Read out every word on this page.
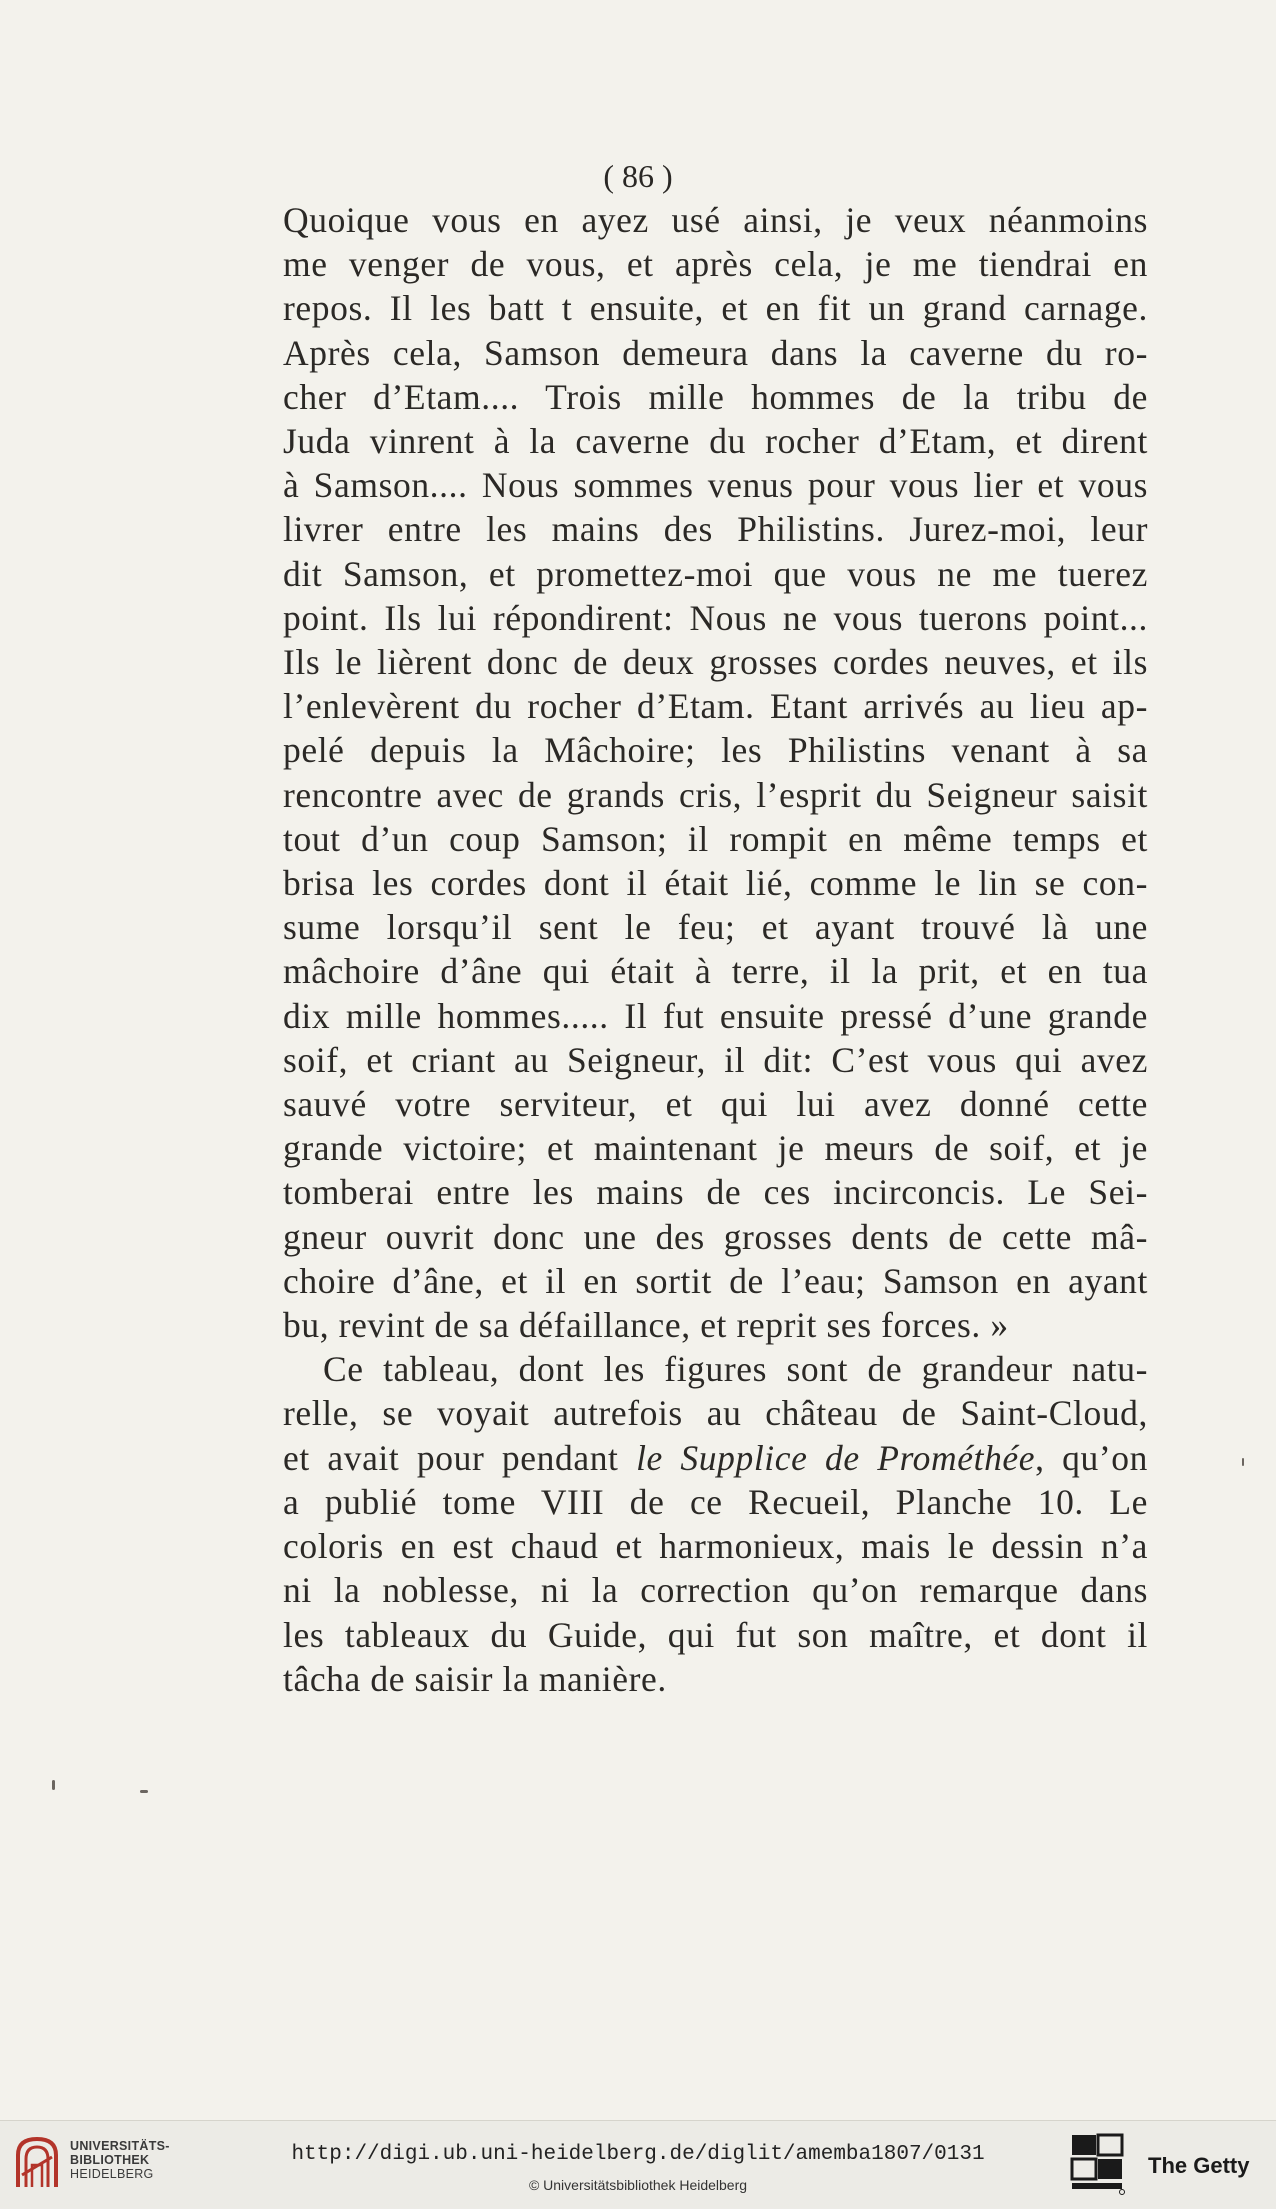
( 86 )
Quoique vous en ayez usé ainsi, je veux néanmoins
me venger de vous, et après cela, je me tiendrai en
repos. Il les batt t ensuite, et en fit un grand carnage.
Après cela, Samson demeura dans la caverne du ro-
cher d’Etam.... Trois mille hommes de la tribu de
Juda vinrent à la caverne du rocher d’Etam, et dirent
à Samson.... Nous sommes venus pour vous lier et vous
livrer entre les mains des Philistins. Jurez-moi, leur
dit Samson, et promettez-moi que vous ne me tuerez
point. Ils lui répondirent: Nous ne vous tuerons point...
Ils le lièrent donc de deux grosses cordes neuves, et ils
l’enlevèrent du rocher d’Etam. Etant arrivés au lieu ap-
pelé depuis la Mâchoire; les Philistins venant à sa
rencontre avec de grands cris, l’esprit du Seigneur saisit
tout d’un coup Samson; il rompit en même temps et
brisa les cordes dont il était lié, comme le lin se con-
sume lorsqu’il sent le feu; et ayant trouvé là une
mâchoire d’âne qui était à terre, il la prit, et en tua
dix mille hommes..... Il fut ensuite pressé d’une grande
soif, et criant au Seigneur, il dit: C’est vous qui avez
sauvé votre serviteur, et qui lui avez donné cette
grande victoire; et maintenant je meurs de soif, et je
tomberai entre les mains de ces incirconcis. Le Sei-
gneur ouvrit donc une des grosses dents de cette mâ-
choire d’âne, et il en sortit de l’eau; Samson en ayant
bu, revint de sa défaillance, et reprit ses forces. »
Ce tableau, dont les figures sont de grandeur natu-
relle, se voyait autrefois au château de Saint-Cloud,
et avait pour pendant le Supplice de Prométhée, qu’on
a publié tome VIII de ce Recueil, Planche 10. Le
coloris en est chaud et harmonieux, mais le dessin n’a
ni la noblesse, ni la correction qu’on remarque dans
les tableaux du Guide, qui fut son maître, et dont il
tâcha de saisir la manière.
UNIVERSITÄTS-
BIBLIOTHEK
HEIDELBERG
http://digi.ub.uni-heidelberg.de/diglit/amemba1807/0131
© Universitätsbibliothek Heidelberg
The Getty
